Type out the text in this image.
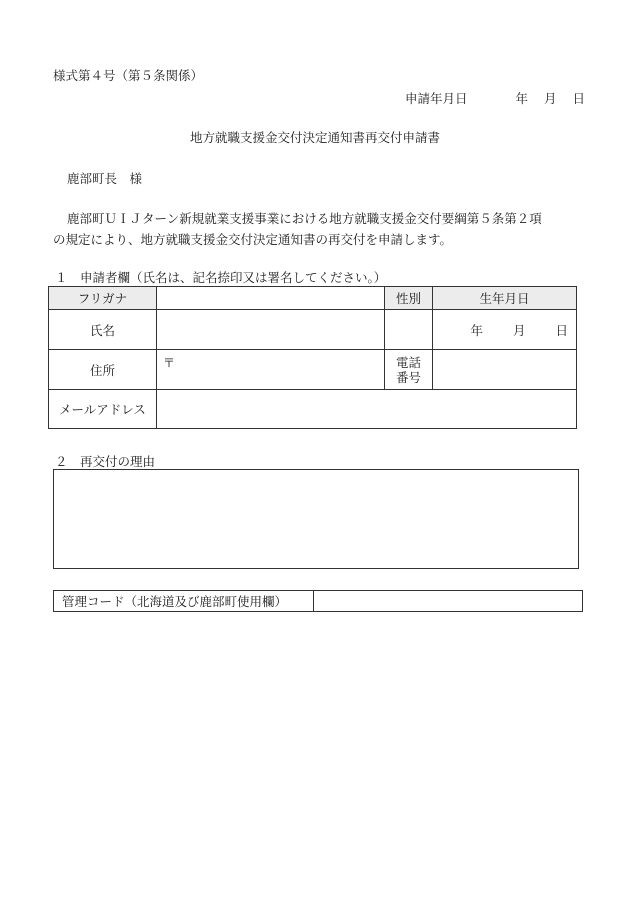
様式第４号（第５条関係）
申請年月日	年 月 日
地方就職支援金交付決定通知書再交付申請書
鹿部町長　様
鹿部町ＵＩＪターン新規就業支援事業における地方就職支援金交付要綱第５条第２項
の規定により、地方就職支援金交付決定通知書の再交付を申請します。
１　申請者欄（氏名は、記名捺印又は署名してください。）
フリガナ		性別	生年月日
氏名			年 月 日

住所	〒	電話
番号	

メールアドレス			
２　再交付の理由
管理コード（北海道及び鹿部町使用欄）	
